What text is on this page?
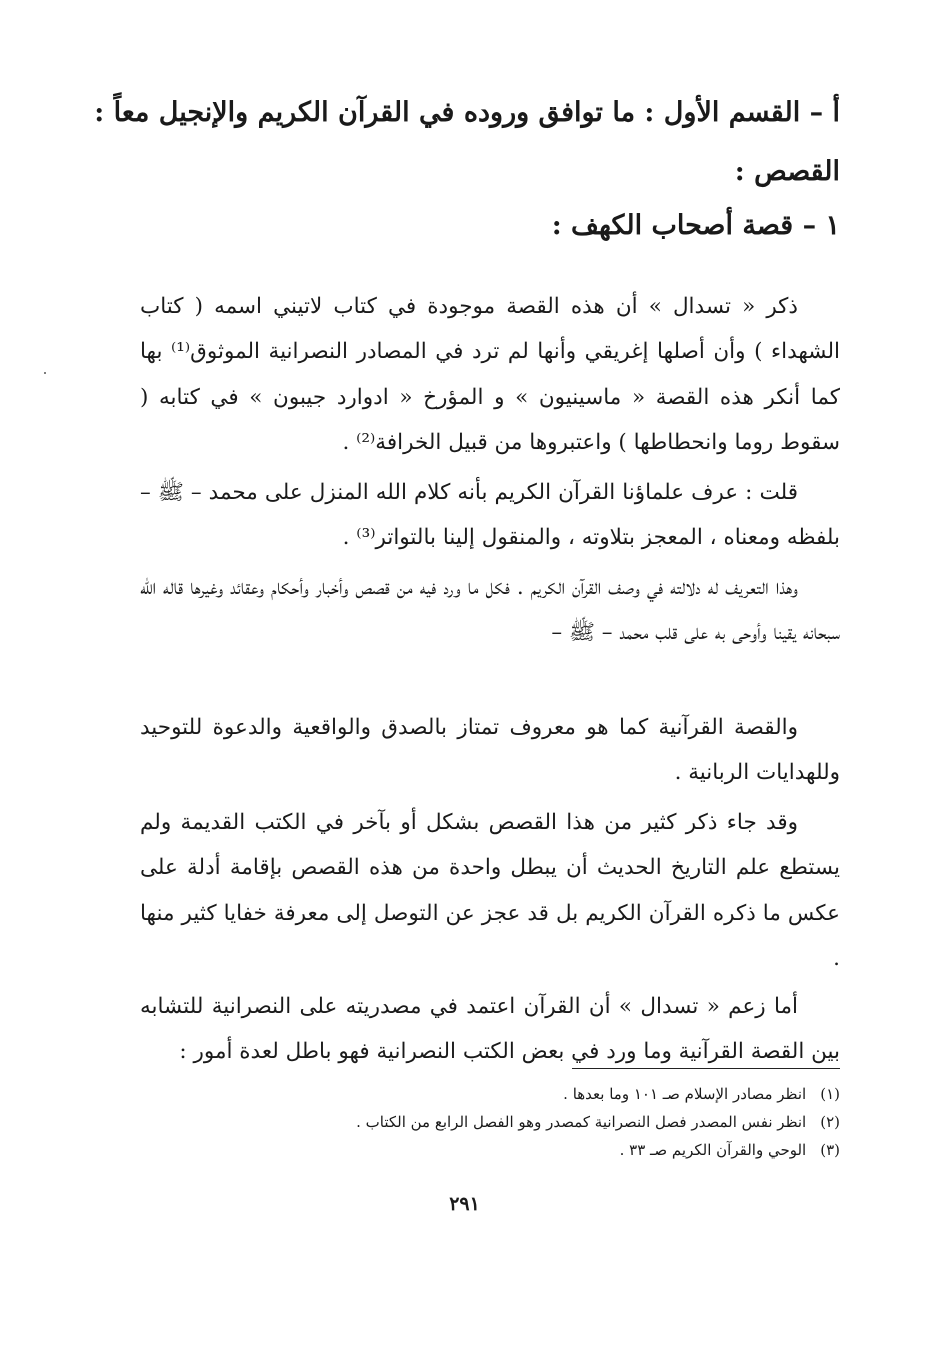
أ – القسم الأول : ما توافق وروده في القرآن الكريم والإنجيل معاً :
القصص :
١ – قصة أصحاب الكهف :

ذكر « تسدال » أن هذه القصة موجودة في كتاب لاتيني اسمه ( كتاب الشهداء ) وأن أصلها إغريقي وأنها لم ترد في المصادر النصرانية الموثوق⁽¹⁾ بها كما أنكر هذه القصة « ماسينيون » و المؤرخ « ادوارد جيبون » في كتابه ( سقوط روما وانحطاطها ) واعتبروها من قبيل الخرافة⁽²⁾ .

قلت : عرف علماؤنا القرآن الكريم بأنه كلام الله المنزل على محمد – ﷺ – بلفظه ومعناه ، المعجز بتلاوته ، والمنقول إلينا بالتواتر⁽³⁾ .

وهذا التعريف له دلالته في وصف القرآن الكريم . فكل ما ورد فيه من قصص وأخبار وأحكام وعقائد وغيرها قاله الله سبحانه يقينا وأوحى به على قلب محمد – ﷺ –

والقصة القرآنية كما هو معروف تمتاز بالصدق والواقعية والدعوة للتوحيد وللهدايات الربانية .

وقد جاء ذكر كثير من هذا القصص بشكل أو بآخر في الكتب القديمة ولم يستطع علم التاريخ الحديث أن يبطل واحدة من هذه القصص بإقامة أدلة على عكس ما ذكره القرآن الكريم بل قد عجز عن التوصل إلى معرفة خفايا كثير منها .

أما زعم « تسدال » أن القرآن اعتمد في مصدريته على النصرانية للتشابه بين القصة القرآنية وما ورد في بعض الكتب النصرانية فهو باطل لعدة أمور :

(١)انظر مصادر الإسلام صـ ١٠١ وما بعدها .
(٢)انظر نفس المصدر فصل النصرانية كمصدر وهو الفصل الرابع من الكتاب .
(٣)الوحي والقرآن الكريم صـ ٣٣ .
٢٩١
